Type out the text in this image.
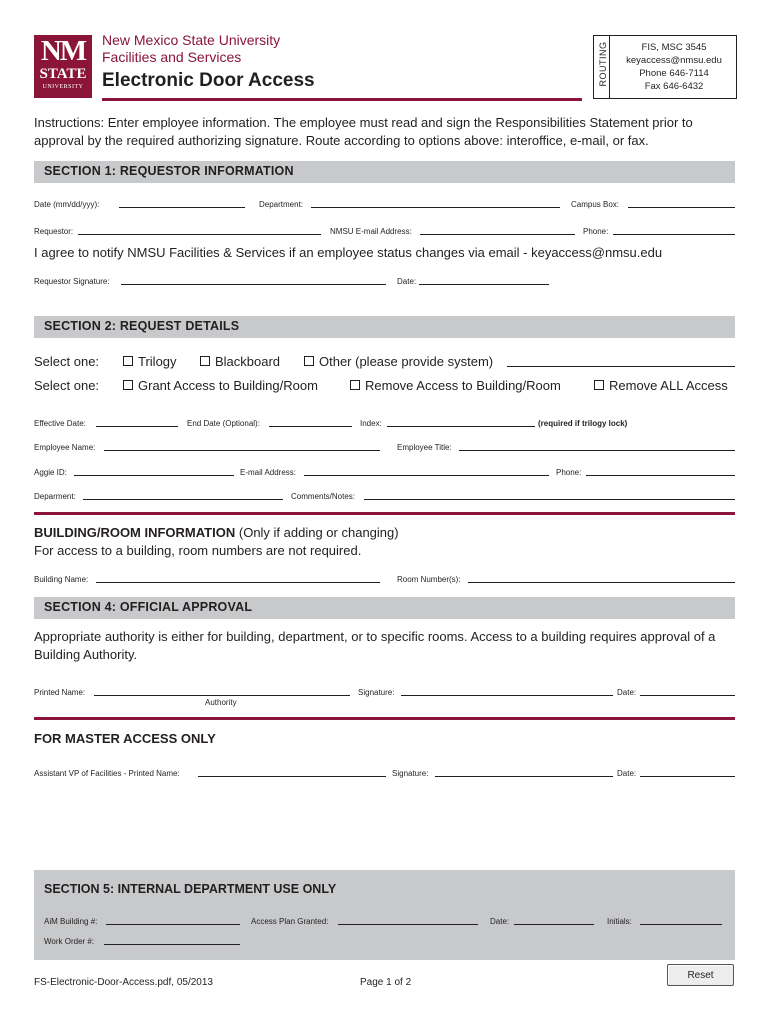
NM
STATE
UNIVERSITY
New Mexico State University
Facilities and Services
Electronic Door Access	ROUTING	FIS, MSC 3545
keyaccess@nmsu.edu
Phone 646-7114
Fax 646-6432
Instructions: Enter employee information. The employee must read and sign the Responsibilities Statement prior to approval by the required authorizing signature. Route according to options above: interoffice, e-mail, or fax.
SECTION 1: REQUESTOR INFORMATION
Date (mm/dd/yyy):	Department:	Campus Box:
Requestor:	NMSU E-mail Address:	Phone:
I agree to notify NMSU Facilities & Services if an employee status changes via email - keyaccess@nmsu.edu
Requestor Signature:	Date:
SECTION 2: REQUEST DETAILS
Select one:	Trilogy	Blackboard	Other (please provide system)
Select one:	Grant Access to Building/Room	Remove Access to Building/Room	Remove ALL Access
Effective Date:	End Date (Optional):	Index:	(required if trilogy lock)
Employee Name:	Employee Title:
Aggie ID:	E-mail Address:	Phone:
Deparment:	Comments/Notes:
BUILDING/ROOM INFORMATION (Only if adding or changing)
For access to a building, room numbers are not required.
Building Name:	Room Number(s):
SECTION 4: OFFICIAL APPROVAL
Appropriate authority is either for building, department, or to specific rooms. Access to a building requires approval of a Building Authority.
Printed Name:	Signature:	Date:
Authority
FOR MASTER ACCESS ONLY
Assistant VP of Facilities - Printed Name:	Signature:	Date:
SECTION 5: INTERNAL DEPARTMENT USE ONLY
AiM Building #:	Access Plan Granted:	Date:	Initials:
Work Order #:
FS-Electronic-Door-Access.pdf, 05/2013	Page 1 of 2
Reset
